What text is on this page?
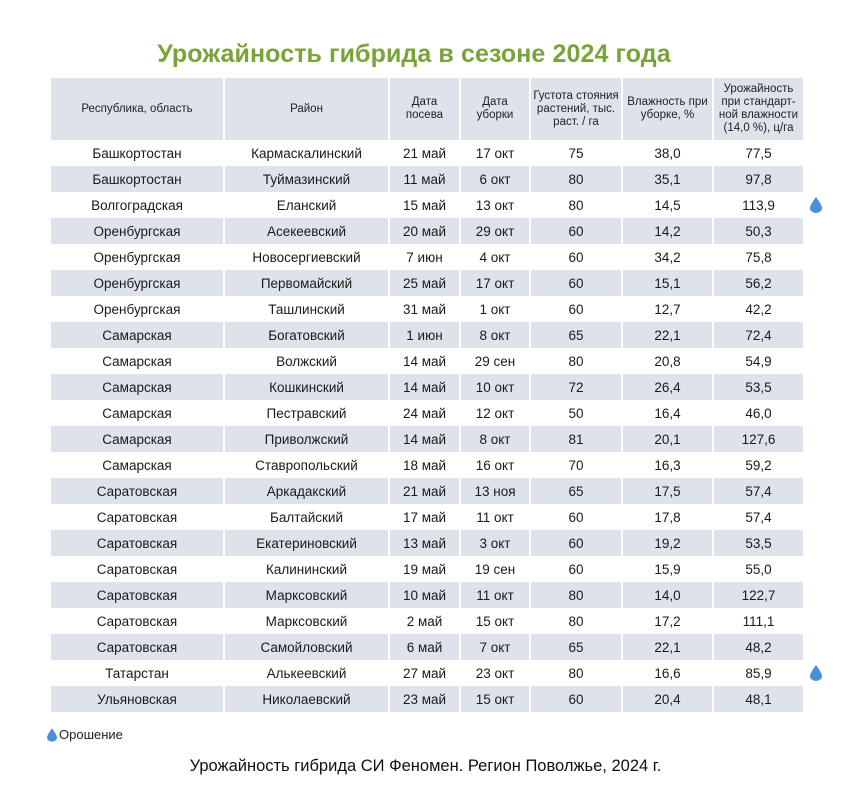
Урожайность гибрида в сезоне 2024 года
Республика, область	Район	Дата посева	Дата уборки	Густота стояния растений, тыс. раст. / га	Влажность при уборке, %	Урожайность при стандарт-ной влажности (14,0 %), ц/га
Башкортостан	Кармаскалинский	21 май	17 окт	75	38,0	77,5
Башкортостан	Туймазинский	11 май	6 окт	80	35,1	97,8
Волгоградская	Еланский	15 май	13 окт	80	14,5	113,9

Оренбургская	Асекеевский	20 май	29 окт	60	14,2	50,3
Оренбургская	Новосергиевский	7 июн	4 окт	60	34,2	75,8
Оренбургская	Первомайский	25 май	17 окт	60	15,1	56,2
Оренбургская	Ташлинский	31 май	1 окт	60	12,7	42,2
Самарская	Богатовский	1 июн	8 окт	65	22,1	72,4
Самарская	Волжский	14 май	29 сен	80	20,8	54,9
Самарская	Кошкинский	14 май	10 окт	72	26,4	53,5
Самарская	Пестравский	24 май	12 окт	50	16,4	46,0
Самарская	Приволжский	14 май	8 окт	81	20,1	127,6
Самарская	Ставропольский	18 май	16 окт	70	16,3	59,2
Саратовская	Аркадакский	21 май	13 ноя	65	17,5	57,4
Саратовская	Балтайский	17 май	11 окт	60	17,8	57,4
Саратовская	Екатериновский	13 май	3 окт	60	19,2	53,5
Саратовская	Калининский	19 май	19 сен	60	15,9	55,0
Саратовская	Марксовский	10 май	11 окт	80	14,0	122,7
Саратовская	Марксовский	2 май	15 окт	80	17,2	111,1
Саратовская	Самойловский	6 май	7 окт	65	22,1	48,2
Татарстан	Алькеевский	27 май	23 окт	80	16,6	85,9

Ульяновская	Николаевский	23 май	15 окт	60	20,4	48,1
Орошение
Урожайность гибрида СИ Феномен. Регион Поволжье, 2024 г.
